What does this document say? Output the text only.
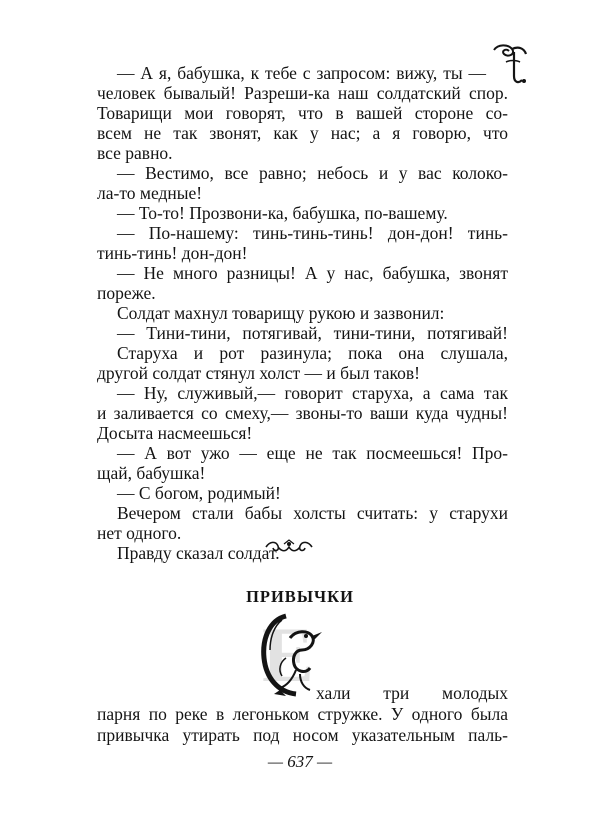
— А я, бабушка, к тебе с запросом: вижу, ты —
человек бывалый! Разреши-ка наш солдатский спор.
Товарищи мои говорят, что в вашей стороне со-
всем не так звонят, как у нас; а я говорю, что
все равно.
— Вестимо, все равно; небось и у вас колоко-
ла-то медные!
— То-то! Прозвони-ка, бабушка, по-вашему.
— По-нашему: тинь-тинь-тинь! дон-дон! тинь-
тинь-тинь! дон-дон!
— Не много разницы! А у нас, бабушка, звонят
пореже.
Солдат махнул товарищу рукою и зазвонил:
— Тини-тини, потягивай, тини-тини, потягивай!
Старуха и рот разинула; пока она слушала,
другой солдат стянул холст — и был таков!
— Ну, служивый,— говорит старуха, а сама так
и заливается со смеху,— звоны-то ваши куда чудны!
Досыта насмеешься!
— А вот ужо — еще не так посмеешься! Про-
щай, бабушка!
— С богом, родимый!
Вечером стали бабы холсты считать: у старухи
нет одного.
Правду сказал солдат.
ПРИВЫЧКИ
Е хали три молодых
парня по реке в легоньком стружке. У одного была
привычка утирать под носом указательным паль-
— 637 —
